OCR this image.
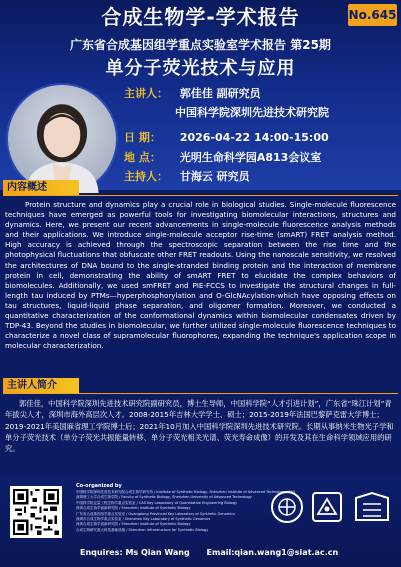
合成生物学-学术报告	No.645
广东省合成基因组学重点实验室学术报告 第25期
单分子荧光技术与应用
主讲人： 郭佳佳 副研究员
中国科学院深圳先进技术研究院
日 期： 2026-04-22 14:00-15:00
地 点： 光明生命科学园A813会议室
主持人： 甘海云 研究员
内容概述
Protein structure and dynamics play a crucial role in biological studies. Single-molecule fluorescence techniques have emerged as powerful tools for investigating biomolecular interactions, structures and dynamics. Here, we present our recent advancements in single-molecule fluorescence analysis methods and their applications. We introduce single-molecule acceptor rise-time (smART) FRET analysis method. High accuracy is achieved through the spectroscopic separation between the rise time and the photophysical fluctuations that obfuscate other FRET readouts. Using the nanoscale sensitivity, we resolved the architectures of DNA bound to the single-stranded binding protein and the interaction of membrane protein in cell, demonstrating the ability of smART FRET to elucidate the complex behaviors of biomolecules. Additionally, we used smFRET and PIE-FCCS to investigate the structural changes in full-length tau induced by PTMs—hyperphosphorylation and O-GlcNAcylation-which have opposing effects on tau structures, liquid-liquid phase separation, and oligomer formation. Moreover, we conducted a quantitative characterization of the conformational dynamics within biomolecular condensates driven by TDP-43. Beyond the studies in biomolecular, we further utilized single-molecule fluorescence techniques to characterize a novel class of supramolecular fluorophores, expanding the technique's application scope in molecular characterization.
主讲人简介
郭佳佳，中国科学院深圳先进技术研究院副研究员，博士生导师，中国科学院“人才引进计划”，广东省“珠江计划”青年拔尖人才，深圳市海外高层次人才。2008-2015年吉林大学学士、硕士；2015-2019年法国巴黎萨克雷大学博士；2019-2021年美国麻省理工学院博士后；2021年10月加入中国科学院深圳先进技术研究院。长期从事纳米生物光子学和单分子荧光技术（单分子荧光共振能量转移、单分子荧光相关光谱、荧光寿命成像）的开发及其在生命科学领域应用的研究。
Co-organized by
中国科学院深圳先进技术研究院合成生物学研究所 / Institute of Synthetic Biology, Shenzhen Institute of Advanced Technology, CAS
深圳理工大学合成生物学院 / Faculty of Synthetic Biology, Shenzhen University of Advanced Technology
中国科学院定量工程生物学重点实验室 / CAS Key Laboratory of Quantitative Engineering Biology
深圳合成生物学创新研究院 / Shenzhen Institute of Synthetic Biology
广东省合成基因组学重点实验室 / Guangdong Provincial Key Laboratory of Synthetic Genomics
深圳市合成生物学重点实验室 / Shenzhen Key Laboratory of Synthetic Genomics
深圳合成生物学创新研究院 / Shenzhen Institute of Synthetic Biology
合成生物研究重大科技基础设施 / Shenzhen Infrastructure for Synthetic Biology
Enquires: Ms Qian Wang Email:qian.wang1@siat.ac.cn
